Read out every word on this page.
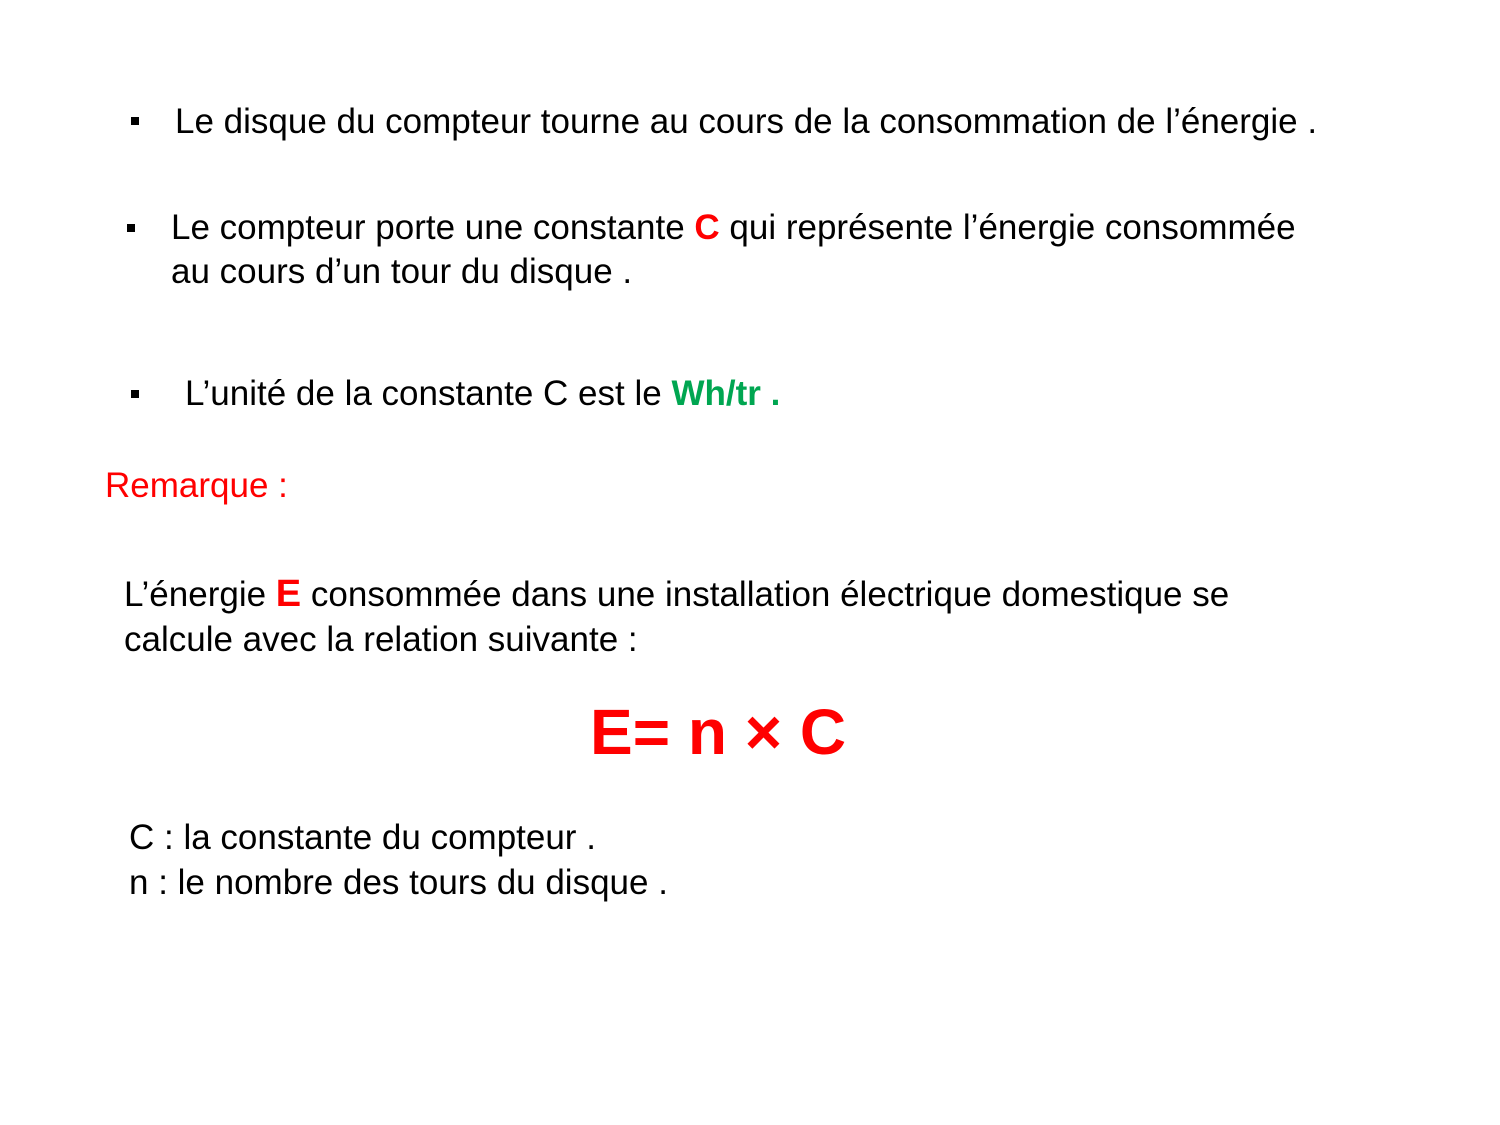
Le disque du compteur tourne au cours de la consommation de l’énergie .
Le compteur porte une constante C qui représente l’énergie consommée
au cours d’un tour du disque .
L’unité de la constante C est le Wh/tr .
Remarque :
L’énergie E consommée dans une installation électrique domestique se
calcule avec la relation suivante :
E= n × C
C : la constante du compteur .
n : le nombre des tours du disque .
